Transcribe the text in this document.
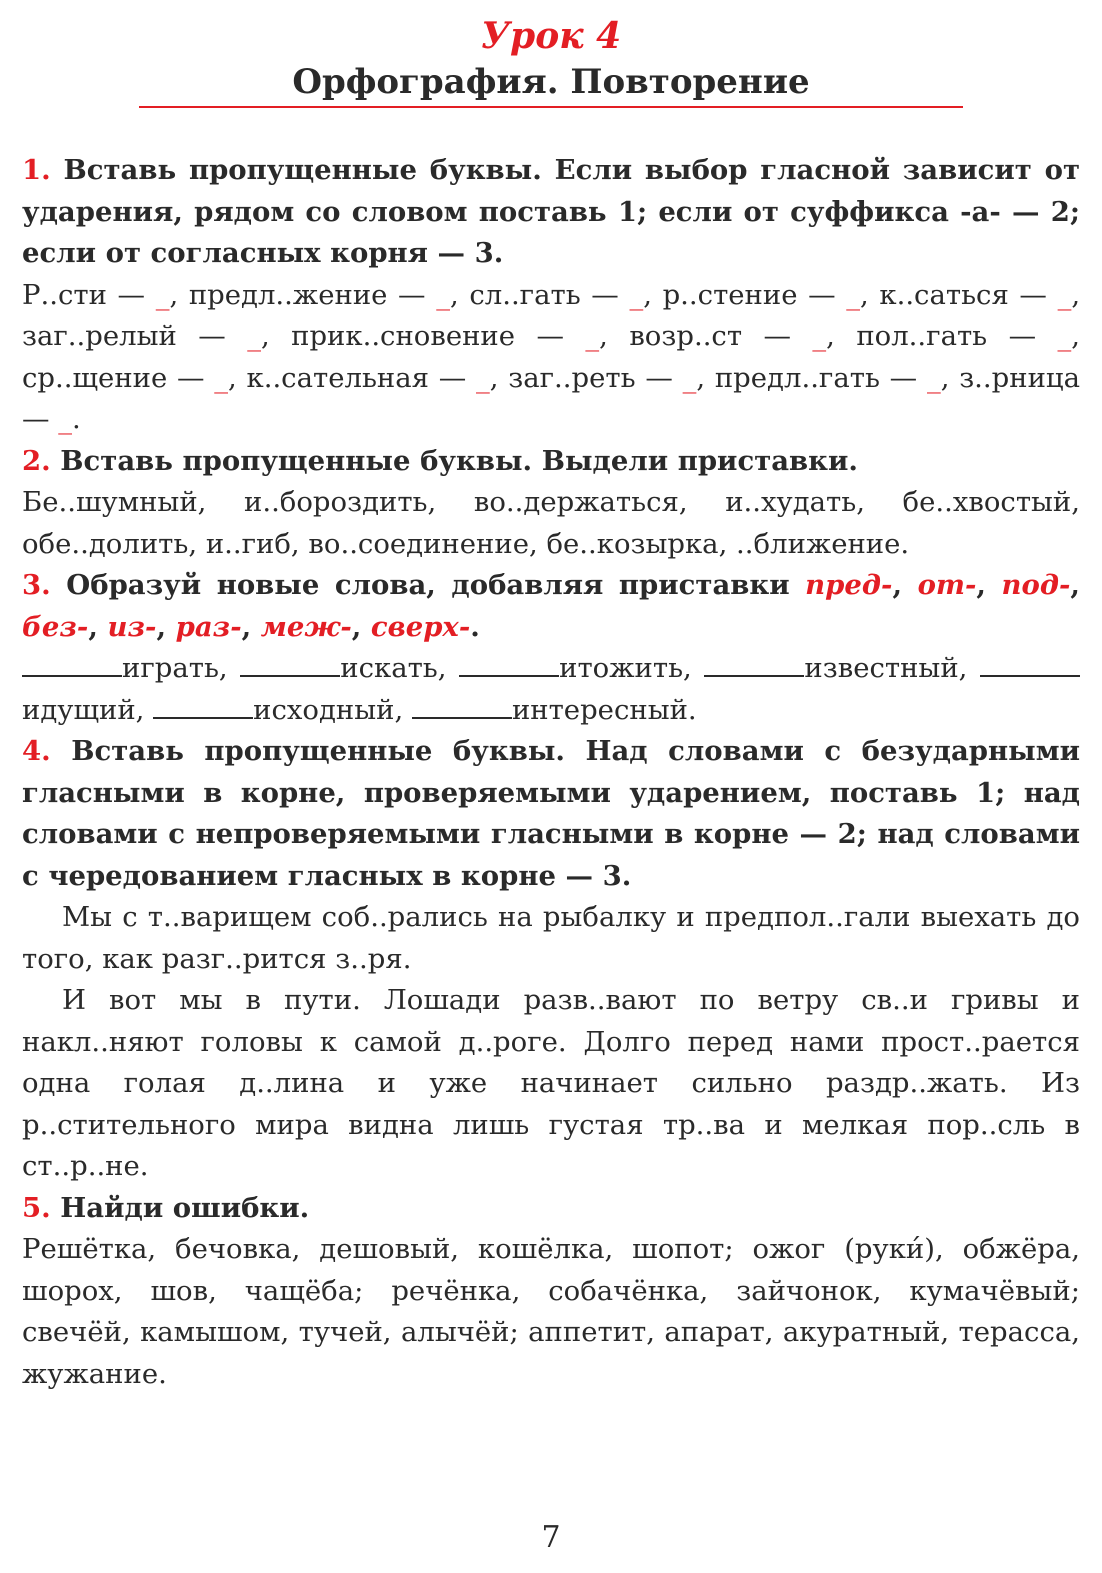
Урок 4
Орфография. Повторение

1. Вставь пропущенные буквы. Если выбор гласной зависит от ударения, рядом со словом поставь 1; если от суффикса -а- — 2; если от согласных корня — 3.

Р..сти — _, предл..жение — _, сл..гать — _, р..стение — _, к..саться — _, заг..релый — _, прик..сновение — _, возр..ст — _, пол..гать — _, ср..щение — _, к..сательная — _, заг..реть — _, предл..гать — _, з..рница — _.

2. Вставь пропущенные буквы. Выдели приставки.

Бе..шумный, и..бороздить, во..держаться, и..худать, бе..хвостый, обе..долить, и..гиб, во..соединение, бе..козырка, ..ближение.

3. Образуй новые слова, добавляя приставки пред-, от-, под-, без-, из-, раз-, меж-, сверх-.

играть,	искать,	итожить,	известный, идущий,	исходный,	интересный.

4. Вставь пропущенные буквы. Над словами с безударными гласными в корне, проверяемыми ударением, поставь 1; над словами с непроверяемыми гласными в корне — 2; над словами с чередованием гласных в корне — 3.

Мы с т..варищем соб..рались на рыбалку и предпол..гали выехать до того, как разг..рится з..ря.

И вот мы в пути. Лошади разв..вают по ветру св..и гривы и накл..няют головы к самой д..роге. Долго перед нами прост..рается одна голая д..лина и уже начинает сильно раздр..жать. Из р..стительного мира видна лишь густая тр..ва и мелкая пор..сль в ст..р..не.

5. Найди ошибки.

Решётка, бечовка, дешовый, кошёлка, шопот; ожог (руки́), обжёра, шорох, шов, чащёба; речёнка, собачёнка, зайчонок, кумачёвый; свечёй, камышом, тучей, алычёй; аппетит, апарат, акуратный, терасса, жужание.

7
